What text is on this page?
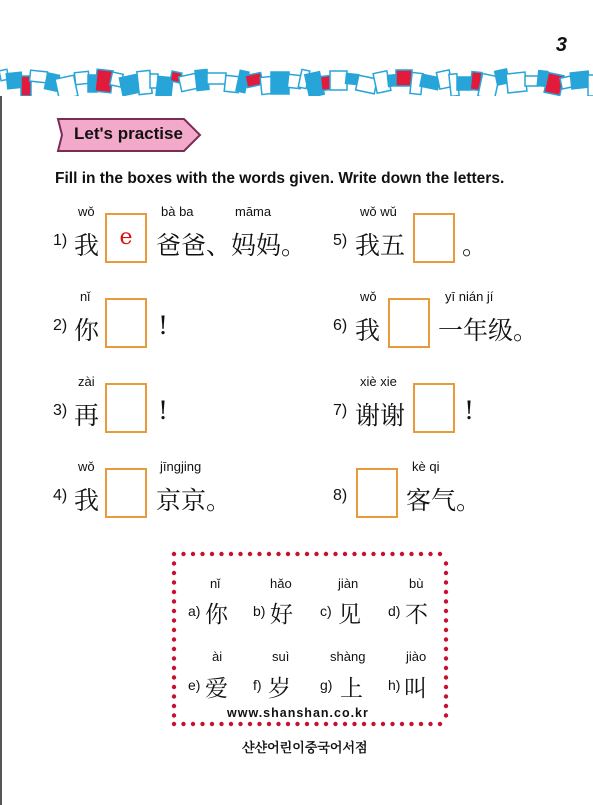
3
Let's practise
Fill in the boxes with the words given. Write down the letters.
1)
wǒ
我 e
bà ba	māma
爸爸、妈妈。
2)
nǐ
你 !
3)
zài
再 !
4)
wǒ
我
jīngjing
京京。
5)
wǒ wǔ
我五 。
6)
wǒ
我
yī nián jí
一年级。
7)
xiè xie
谢谢 !
8)
kè qi
客气。
nǐ
a) 你
hǎo
b) 好
jiàn
c) 见
bù
d) 不
ài
e) 爱
suì
f) 岁
shàng
g) 上
jiào
h) 叫
www.shanshan.co.kr
샨샨어린이중국어서점
